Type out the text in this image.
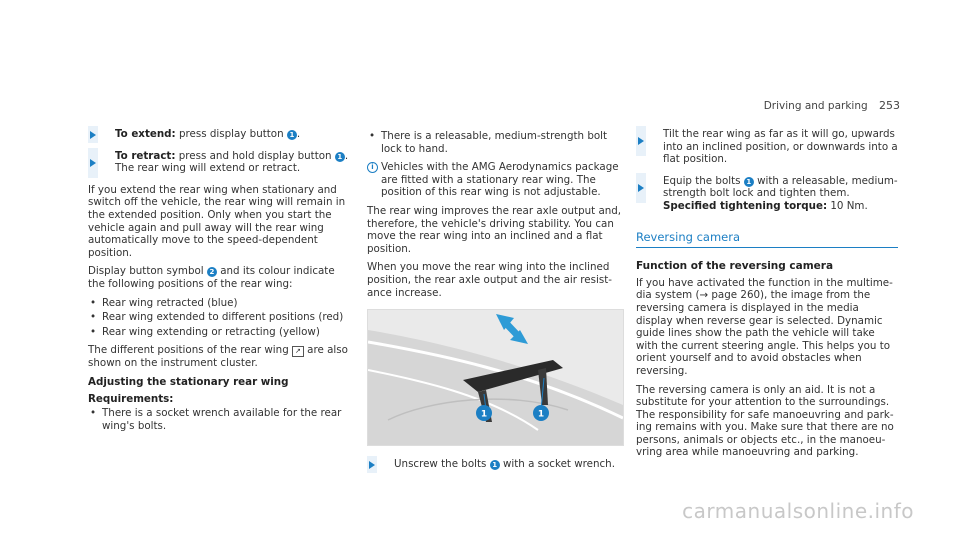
Driving and parking 253
To extend: press display button 1 .
To retract: press and hold display button 1 .
The rear wing will extend or retract.

If you extend the rear wing when stationary and switch off the vehicle, the rear wing will remain in the extended position. Only when you start the vehicle again and pull away will the rear wing automatically move to the speed-dependent position.

Display button symbol 2 and its colour indicate the following positions of the rear wing:

• Rear wing retracted (blue)
• Rear wing extended to different positions (red)
• Rear wing extending or retracting (yellow)

The different positions of the rear wing ↗ are also shown on the instrument cluster.

Adjusting the stationary rear wing
Requirements:
• There is a socket wrench available for the rear wing's bolts.
• There is a releasable, medium-strength bolt lock to hand.
i Vehicles with the AMG Aerodynamics package are fitted with a stationary rear wing. The position of this rear wing is not adjustable.

The rear wing improves the rear axle output and, therefore, the vehicle's driving stability. You can move the rear wing into an inclined and a flat position.

When you move the rear wing into the inclined position, the rear axle output and the air resist-ance increase.

1	1
Unscrew the bolts 1 with a socket wrench.
Tilt the rear wing as far as it will go, upwards into an inclined position, or downwards into a flat position.
Equip the bolts 1 with a releasable, medium-strength bolt lock and tighten them.
Specified tightening torque: 10 Nm.
Reversing camera
Function of the reversing camera

If you have activated the function in the multime-dia system (→ page 260), the image from the reversing camera is displayed in the media display when reverse gear is selected. Dynamic guide lines show the path the vehicle will take with the current steering angle. This helps you to orient yourself and to avoid obstacles when reversing.

The reversing camera is only an aid. It is not a substitute for your attention to the surroundings. The responsibility for safe manoeuvring and park-ing remains with you. Make sure that there are no persons, animals or objects etc., in the manoeu-vring area while manoeuvring and parking.

carmanualsonline.info
